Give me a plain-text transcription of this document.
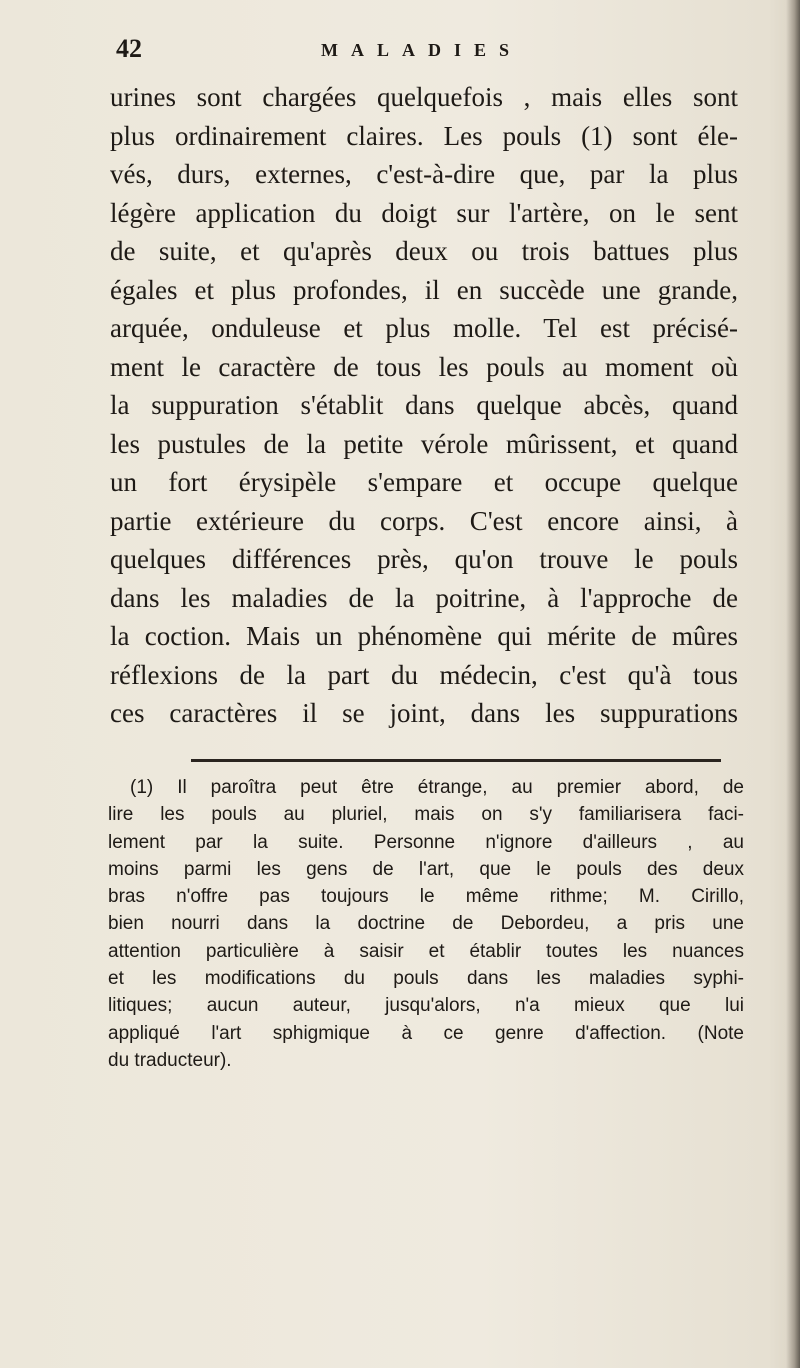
42	MALADIES
urines sont chargées quelquefois , mais elles sont
plus ordinairement claires. Les pouls (1) sont éle-
vés, durs, externes, c'est-à-dire que, par la plus
légère application du doigt sur l'artère, on le sent
de suite, et qu'après deux ou trois battues plus
égales et plus profondes, il en succède une grande,
arquée, onduleuse et plus molle. Tel est précisé-
ment le caractère de tous les pouls au moment où
la suppuration s'établit dans quelque abcès, quand
les pustules de la petite vérole mûrissent, et quand
un fort érysipèle s'empare et occupe quelque
partie extérieure du corps. C'est encore ainsi, à
quelques différences près, qu'on trouve le pouls
dans les maladies de la poitrine, à l'approche de
la coction. Mais un phénomène qui mérite de mûres
réflexions de la part du médecin, c'est qu'à tous
ces caractères il se joint, dans les suppurations
(1) Il paroîtra peut être étrange, au premier abord, de
lire les pouls au pluriel, mais on s'y familiarisera faci-
lement par la suite. Personne n'ignore d'ailleurs , au
moins parmi les gens de l'art, que le pouls des deux
bras n'offre pas toujours le même rithme; M. Cirillo,
bien nourri dans la doctrine de Debordeu, a pris une
attention particulière à saisir et établir toutes les nuances
et les modifications du pouls dans les maladies syphi-
litiques; aucun auteur, jusqu'alors, n'a mieux que lui
appliqué l'art sphigmique à ce genre d'affection. (Note
du traducteur).
